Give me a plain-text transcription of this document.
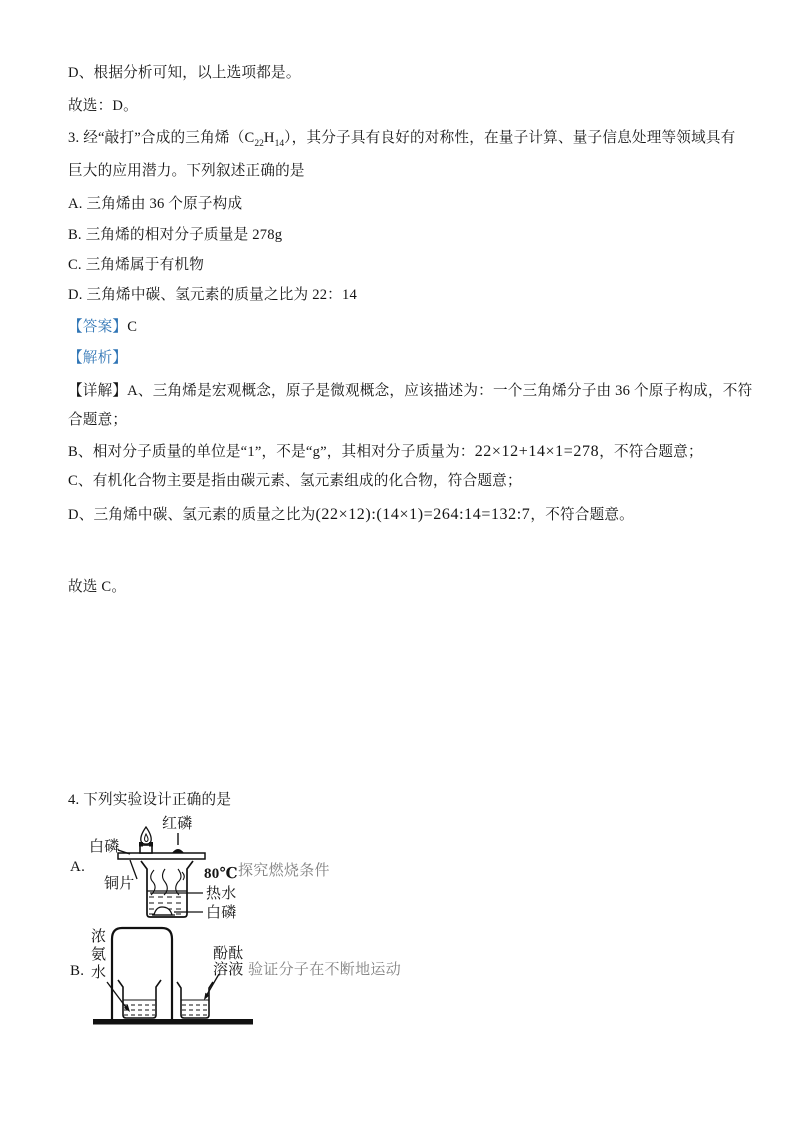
D、根据分析可知，以上选项都是。
故选：D。
3. 经“敲打”合成的三角烯$(C_{22}H_{14})$，其分子具有良好的对称性，在量子计算、量子信息处理等领域具有
巨大的应用潜力。下列叙述正确的是
A. 三角烯由 36 个原子构成
B. 三角烯的相对分子质量是 278g
C. 三角烯属于有机物
D. 三角烯中碳、氢元素的质量之比为 22：14
【答案】C
【解析】
【详解】A、三角烯是宏观概念，原子是微观概念，应该描述为：一个三角烯分子由 36 个原子构成，不符
合题意；
B、相对分子质量的单位是“1”，不是“g”，其相对分子质量为：22×12+14×1=278，不符合题意；
C、有机化合物主要是指由碳元素、氢元素组成的化合物，符合题意；
D、三角烯中碳、氢元素的质量之比为(22×12):(14×1)=264:14=132:7，不符合题意。
故选 C。
4. 下列实验设计正确的是
红磷
白磷
A.
铜片
80℃
热水
白磷
探究燃烧条件
浓氨水
B.
酚酞溶液 验证分子在不断地运动
